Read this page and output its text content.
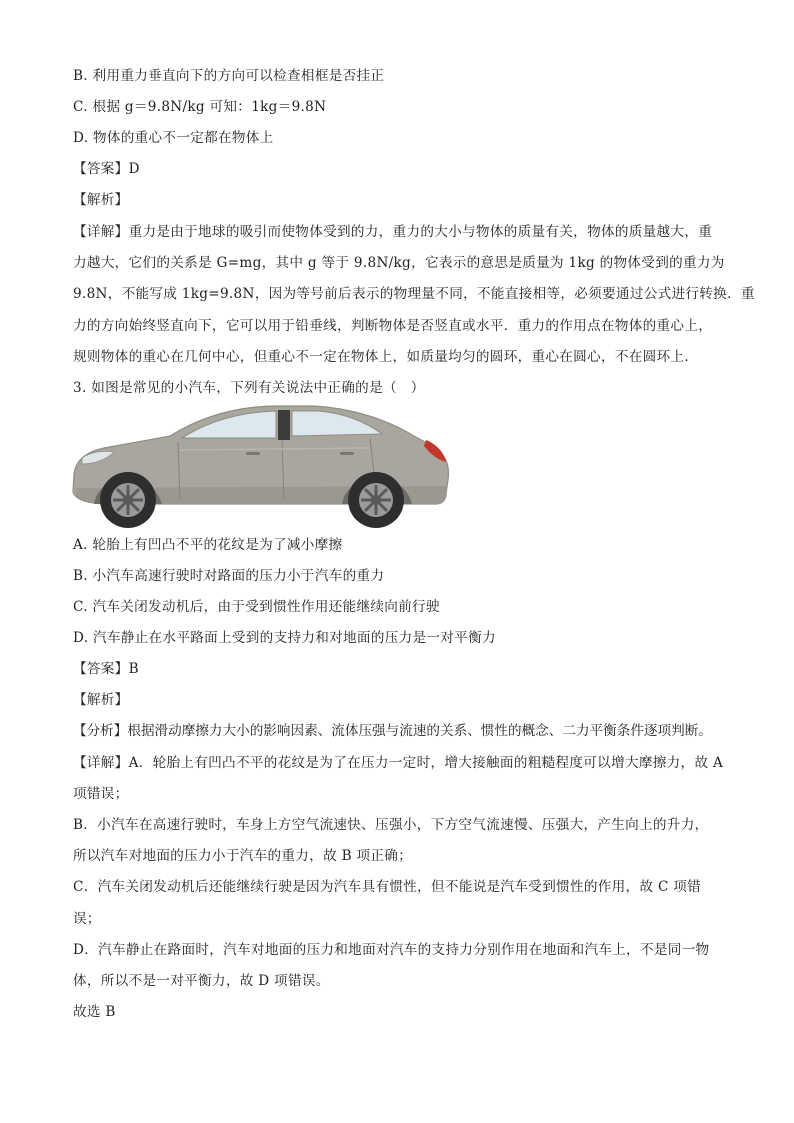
B. 利用重力垂直向下的方向可以检查相框是否挂正
C. 根据 g＝9.8N/kg 可知：1kg＝9.8N
D. 物体的重心不一定都在物体上
【答案】D
【解析】
【详解】重力是由于地球的吸引而使物体受到的力，重力的大小与物体的质量有关，物体的质量越大，重
力越大，它们的关系是 G=mg，其中 g 等于 9.8N/kg，它表示的意思是质量为 1kg 的物体受到的重力为
9.8N，不能写成 1kg=9.8N，因为等号前后表示的物理量不同，不能直接相等，必须要通过公式进行转换．重
力的方向始终竖直向下，它可以用于铅垂线，判断物体是否竖直或水平．重力的作用点在物体的重心上，
规则物体的重心在几何中心，但重心不一定在物体上，如质量均匀的圆环，重心在圆心，不在圆环上．
3. 如图是常见的小汽车，下列有关说法中正确的是（　）
A. 轮胎上有凹凸不平的花纹是为了减小摩擦
B. 小汽车高速行驶时对路面的压力小于汽车的重力
C. 汽车关闭发动机后，由于受到惯性作用还能继续向前行驶
D. 汽车静止在水平路面上受到的支持力和对地面的压力是一对平衡力
【答案】B
【解析】
【分析】根据滑动摩擦力大小的影响因素、流体压强与流速的关系、惯性的概念、二力平衡条件逐项判断。
【详解】A．轮胎上有凹凸不平的花纹是为了在压力一定时，增大接触面的粗糙程度可以增大摩擦力，故 A
项错误；
B．小汽车在高速行驶时，车身上方空气流速快、压强小，下方空气流速慢、压强大，产生向上的升力，
所以汽车对地面的压力小于汽车的重力，故 B 项正确；
C．汽车关闭发动机后还能继续行驶是因为汽车具有惯性，但不能说是汽车受到惯性的作用，故 C 项错
误；
D．汽车静止在路面时，汽车对地面的压力和地面对汽车的支持力分别作用在地面和汽车上，不是同一物
体，所以不是一对平衡力，故 D 项错误。
故选 B
